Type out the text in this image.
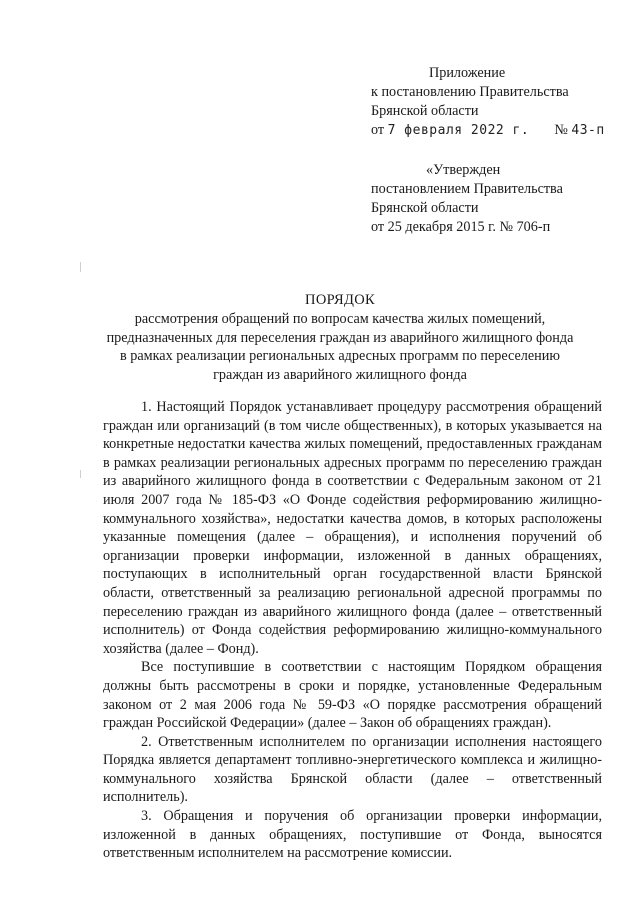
Приложение
к постановлению Правительства
Брянской области
от 7 февраля 2022 г. № 43-п
«Утвержден
постановлением Правительства
Брянской области
от 25 декабря 2015 г. № 706-п
ПОРЯДОК
рассмотрения обращений по вопросам качества жилых помещений,
предназначенных для переселения граждан из аварийного жилищного фонда
в рамках реализации региональных адресных программ по переселению
граждан из аварийного жилищного фонда

1. Настоящий Порядок устанавливает процедуру рассмотрения обращений граждан или организаций (в том числе общественных), в которых указывается на конкретные недостатки качества жилых помещений, предоставленных гражданам в рамках реализации региональных адресных программ по переселению граждан из аварийного жилищного фонда в соответствии с Федеральным законом от 21 июля 2007 года № 185-ФЗ «О Фонде содействия реформированию жилищно-коммунального хозяйства», недостатки качества домов, в которых расположены указанные помещения (далее – обращения), и исполнения поручений об организации проверки информации, изложенной в данных обращениях, поступающих в исполнительный орган государственной власти Брянской области, ответственный за реализацию региональной адресной программы по переселению граждан из аварийного жилищного фонда (далее – ответственный исполнитель) от Фонда содействия реформированию жилищно-коммунального хозяйства (далее – Фонд).

Все поступившие в соответствии с настоящим Порядком обращения должны быть рассмотрены в сроки и порядке, установленные Федеральным законом от 2 мая 2006 года № 59-ФЗ «О порядке рассмотрения обращений граждан Российской Федерации» (далее – Закон об обращениях граждан).

2. Ответственным исполнителем по организации исполнения настоящего Порядка является департамент топливно-энергетического комплекса и жилищно-коммунального хозяйства Брянской области (далее – ответственный исполнитель).

3. Обращения и поручения об организации проверки информации, изложенной в данных обращениях, поступившие от Фонда, выносятся ответственным исполнителем на рассмотрение комиссии.
